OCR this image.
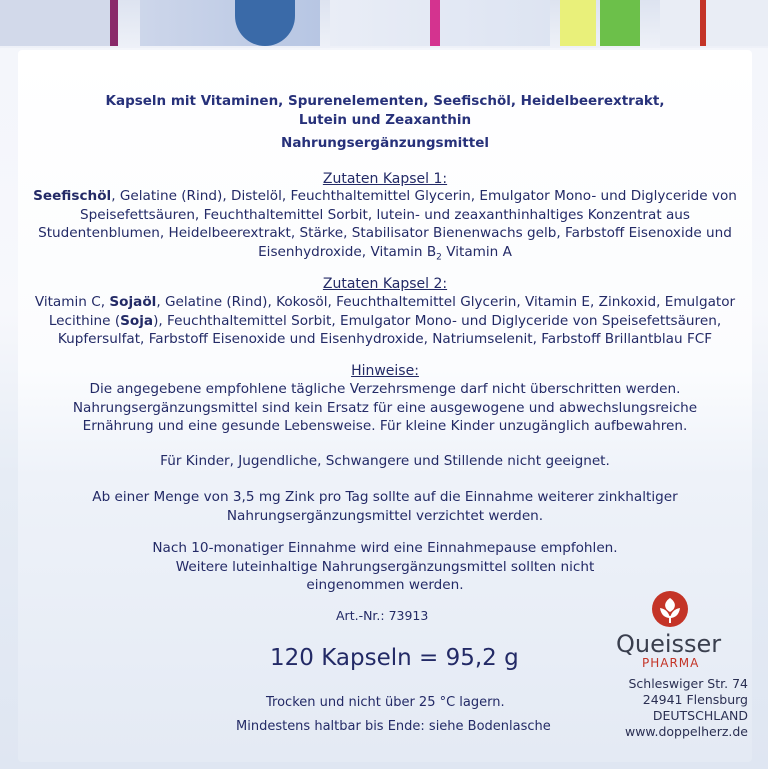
Kapseln mit Vitaminen, Spurenelementen, Seefischöl, Heidelbeerextrakt,
Lutein und Zeaxanthin
Nahrungsergänzungsmittel
Zutaten Kapsel 1:
Seefischöl, Gelatine (Rind), Distelöl, Feuchthaltemittel Glycerin, Emulgator Mono- und Diglyceride von
Speisefettsäuren, Feuchthaltemittel Sorbit, lutein- und zeaxanthinhaltiges Konzentrat aus
Studentenblumen, Heidelbeerextrakt, Stärke, Stabilisator Bienenwachs gelb, Farbstoff Eisenoxide und
Eisenhydroxide, Vitamin $B_2$ Vitamin A
Zutaten Kapsel 2:
Vitamin C, Sojaöl, Gelatine (Rind), Kokosöl, Feuchthaltemittel Glycerin, Vitamin E, Zinkoxid, Emulgator
Lecithine (Soja), Feuchthaltemittel Sorbit, Emulgator Mono- und Diglyceride von Speisefettsäuren,
Kupfersulfat, Farbstoff Eisenoxide und Eisenhydroxide, Natriumselenit, Farbstoff Brillantblau FCF
Hinweise:
Die angegebene empfohlene tägliche Verzehrsmenge darf nicht überschritten werden.
Nahrungsergänzungsmittel sind kein Ersatz für eine ausgewogene und abwechslungsreiche
Ernährung und eine gesunde Lebensweise. Für kleine Kinder unzugänglich aufbewahren.
Für Kinder, Jugendliche, Schwangere und Stillende nicht geeignet.
Ab einer Menge von 3,5 mg Zink pro Tag sollte auf die Einnahme weiterer zinkhaltiger
Nahrungsergänzungsmittel verzichtet werden.
Nach 10-monatiger Einnahme wird eine Einnahmepause empfohlen.
Weitere luteinhaltige Nahrungsergänzungsmittel sollten nicht
eingenommen werden.
Art.-Nr.: 73913
120 Kapseln = 95,2 g
Trocken und nicht über 25 °C lagern.
Mindestens haltbar bis Ende: siehe Bodenlasche
Queisser
PHARMA
Schleswiger Str. 74
24941 Flensburg
DEUTSCHLAND
www.doppelherz.de
